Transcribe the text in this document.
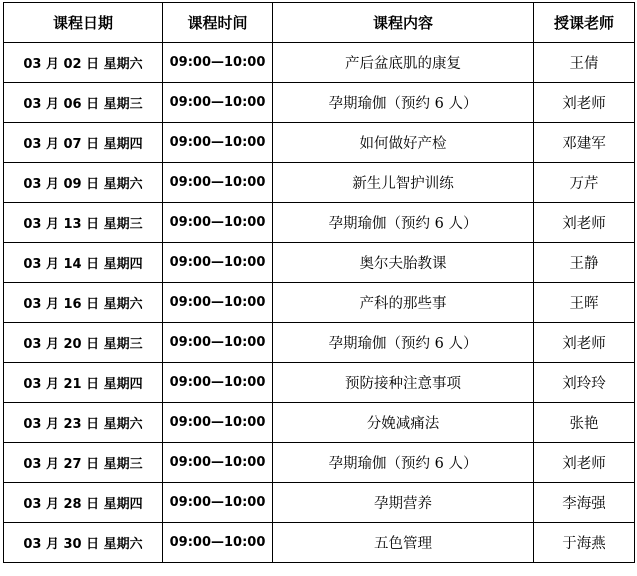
课程日期	课程时间	课程内容	授课老师
03 月 02 日 星期六	09:00—10:00	产后盆底肌的康复	王倩
03 月 06 日 星期三	09:00—10:00	孕期瑜伽（预约 6 人）	刘老师
03 月 07 日 星期四	09:00—10:00	如何做好产检	邓建军
03 月 09 日 星期六	09:00—10:00	新生儿智护训练	万芹
03 月 13 日 星期三	09:00—10:00	孕期瑜伽（预约 6 人）	刘老师
03 月 14 日 星期四	09:00—10:00	奥尔夫胎教课	王静
03 月 16 日 星期六	09:00—10:00	产科的那些事	王晖
03 月 20 日 星期三	09:00—10:00	孕期瑜伽（预约 6 人）	刘老师
03 月 21 日 星期四	09:00—10:00	预防接种注意事项	刘玲玲
03 月 23 日 星期六	09:00—10:00	分娩减痛法	张艳
03 月 27 日 星期三	09:00—10:00	孕期瑜伽（预约 6 人）	刘老师
03 月 28 日 星期四	09:00—10:00	孕期营养	李海强
03 月 30 日 星期六	09:00—10:00	五色管理	于海燕
